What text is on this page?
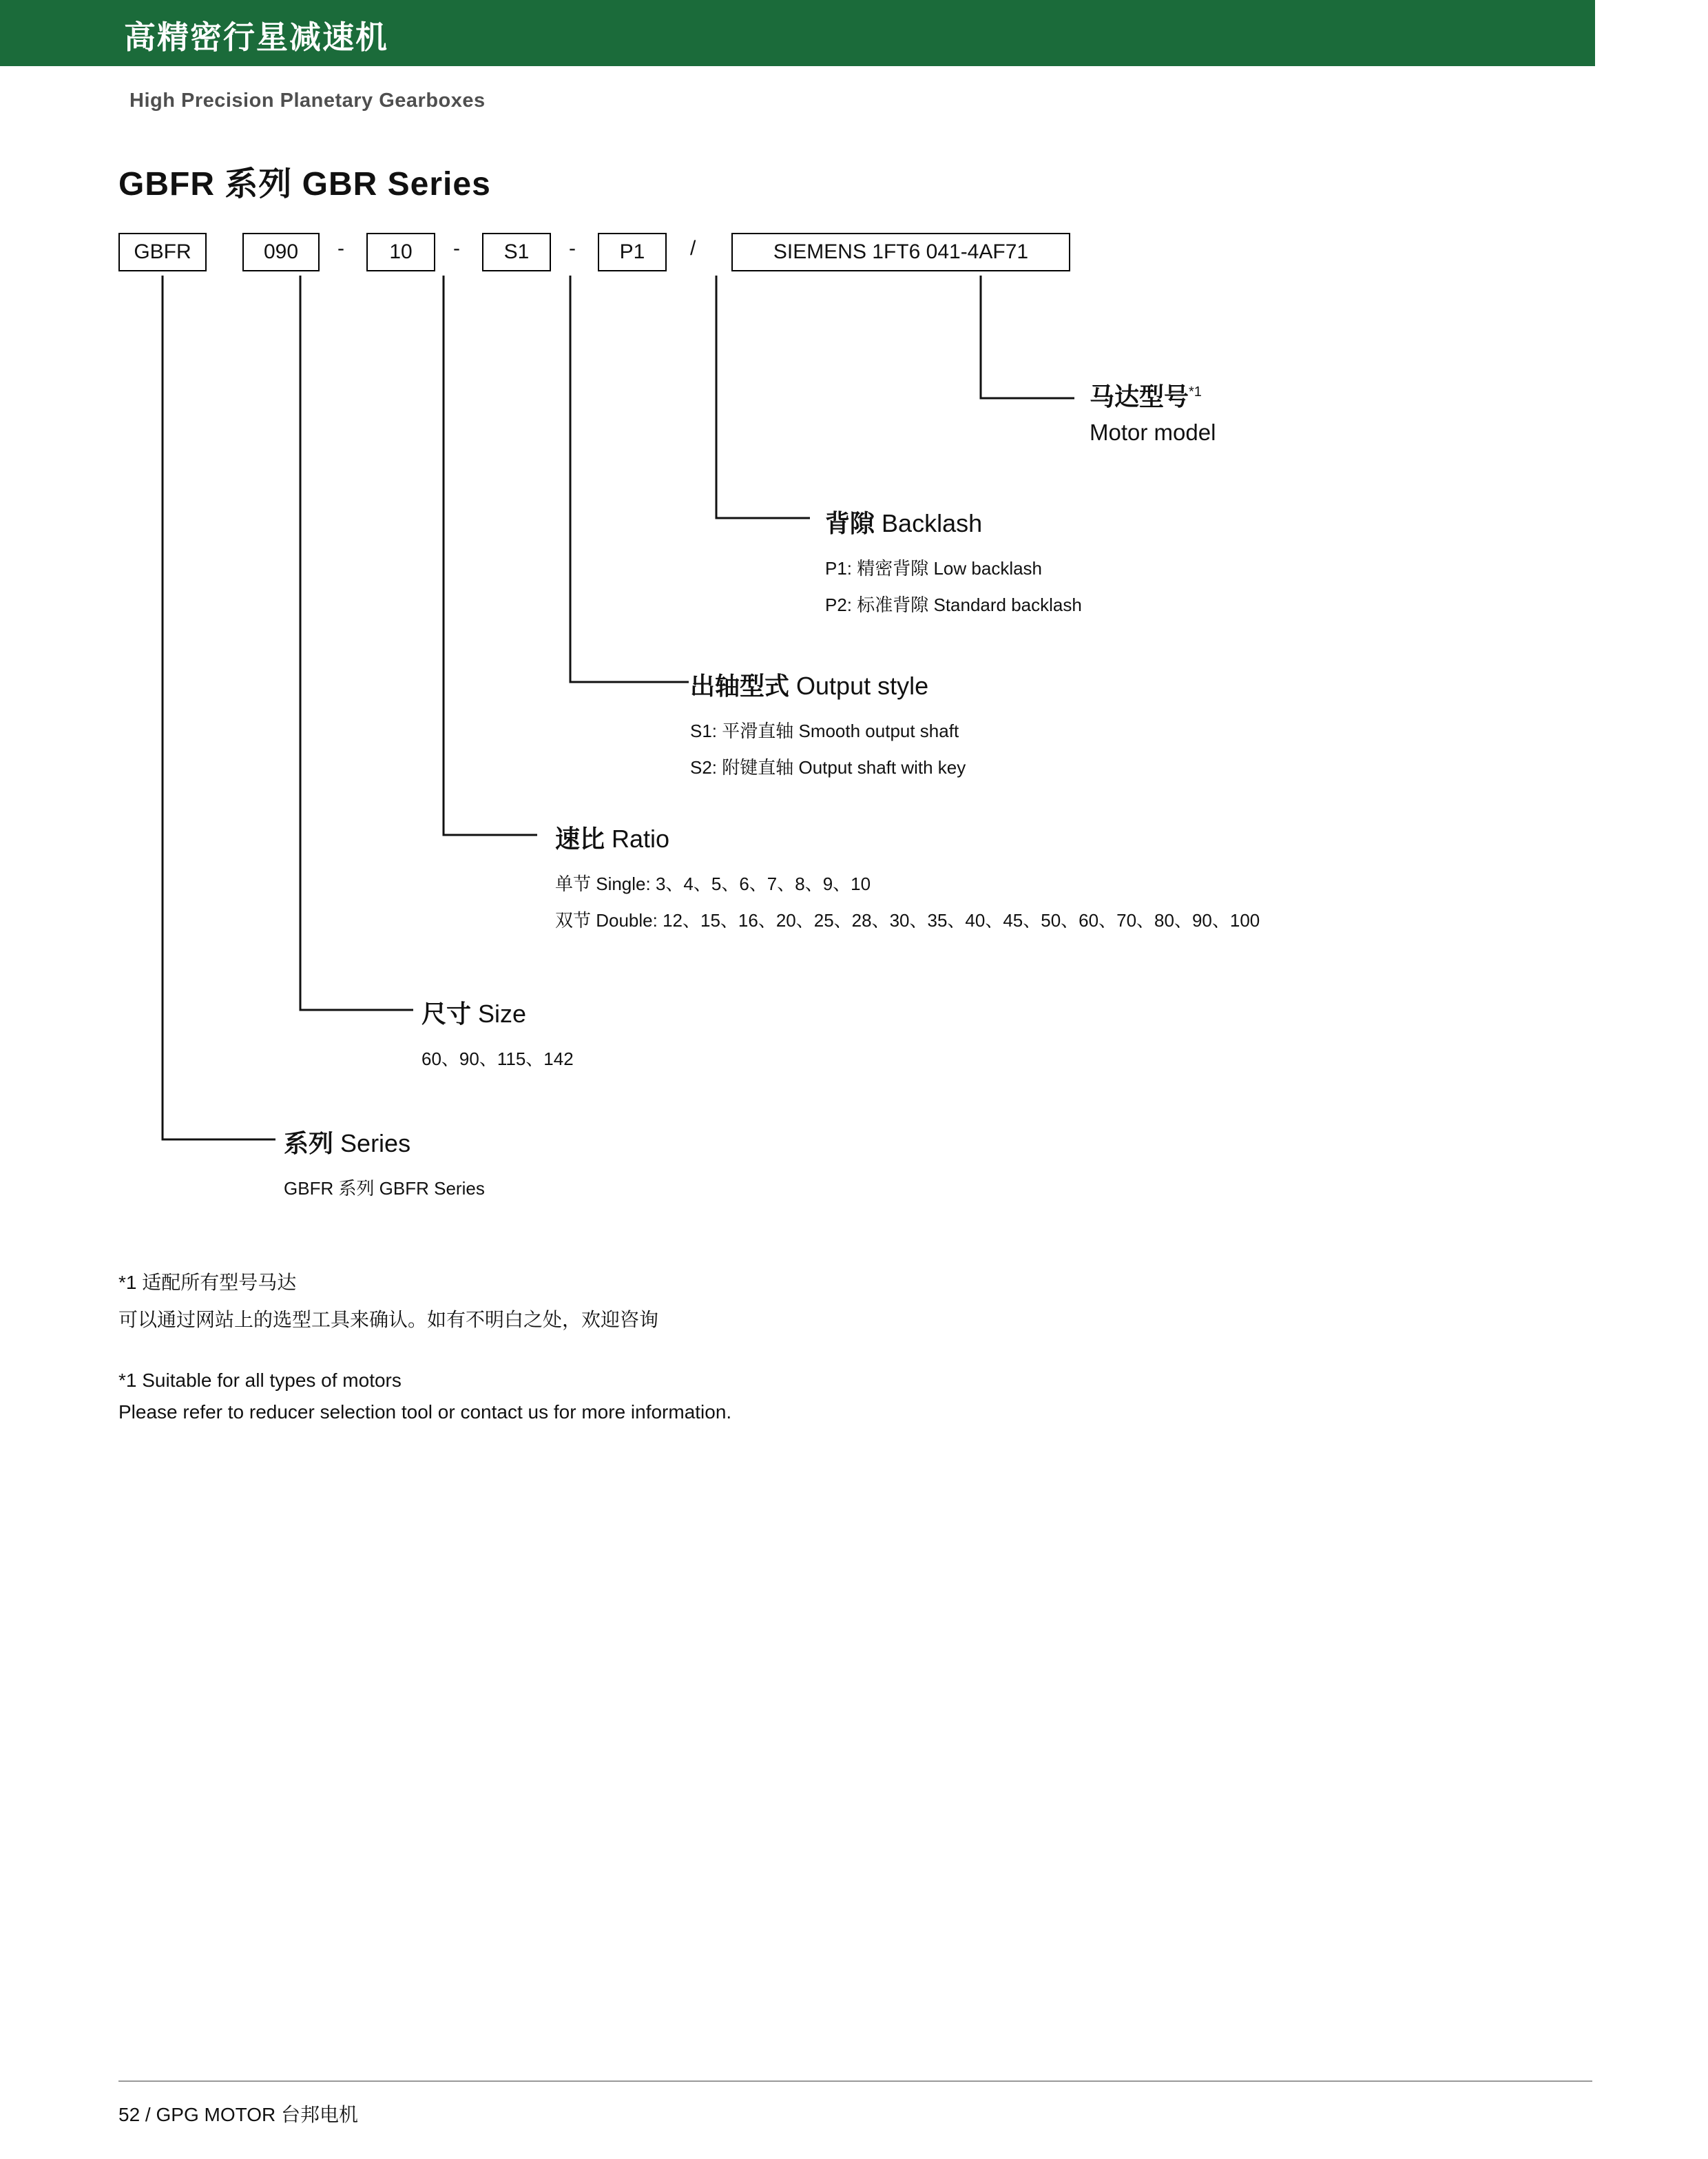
高精密行星减速机
High Precision Planetary Gearboxes
GBFR 系列 GBR Series
GBFR	090	-	10	-	S1	-	P1	/	SIEMENS 1FT6 041-4AF71
马达型号$^{*1}$
Motor model
背隙 Backlash
P1: 精密背隙 Low backlash
P2: 标准背隙 Standard backlash
出轴型式 Output style
S1: 平滑直轴 Smooth output shaft
S2: 附键直轴 Output shaft with key
速比 Ratio
单节 Single: 3、4、5、6、7、8、9、10
双节 Double: 12、15、16、20、25、28、30、35、40、45、50、60、70、80、90、100
尺寸 Size
60、90、115、142
系列 Series
GBFR 系列 GBFR Series
*1 适配所有型号马达
可以通过网站上的选型工具来确认。如有不明白之处，欢迎咨询
*1 Suitable for all types of motors
Please refer to reducer selection tool or contact us for more information.
52 / GPG MOTOR 台邦电机
